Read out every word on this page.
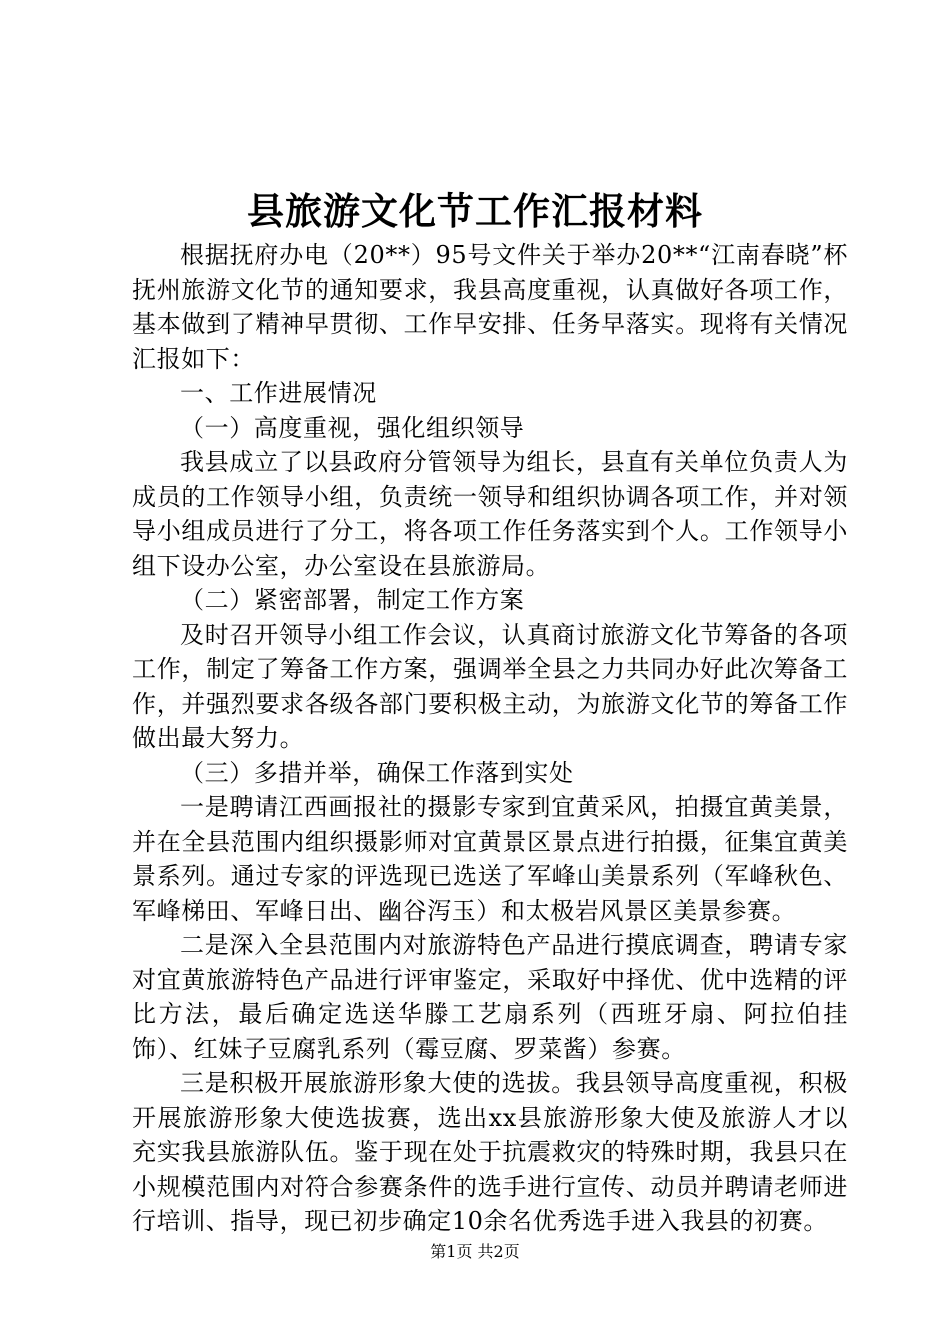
县旅游文化节工作汇报材料

根据抚府办电（20**）95号文件关于举办20**“江南春晓”杯抚州旅游文化节的通知要求，我县高度重视，认真做好各项工作，基本做到了精神早贯彻、工作早安排、任务早落实。现将有关情况汇报如下：

一、工作进展情况

（一）高度重视，强化组织领导

我县成立了以县政府分管领导为组长，县直有关单位负责人为成员的工作领导小组，负责统一领导和组织协调各项工作，并对领导小组成员进行了分工，将各项工作任务落实到个人。工作领导小组下设办公室，办公室设在县旅游局。

（二）紧密部署，制定工作方案

及时召开领导小组工作会议，认真商讨旅游文化节筹备的各项工作，制定了筹备工作方案，强调举全县之力共同办好此次筹备工作，并强烈要求各级各部门要积极主动，为旅游文化节的筹备工作做出最大努力。

（三）多措并举，确保工作落到实处

一是聘请江西画报社的摄影专家到宜黄采风，拍摄宜黄美景，并在全县范围内组织摄影师对宜黄景区景点进行拍摄，征集宜黄美景系列。通过专家的评选现已选送了军峰山美景系列（军峰秋色、军峰梯田、军峰日出、幽谷泻玉）和太极岩风景区美景参赛。

二是深入全县范围内对旅游特色产品进行摸底调查，聘请专家对宜黄旅游特色产品进行评审鉴定，采取好中择优、优中选精的评比方法，最后确定选送华滕工艺扇系列（西班牙扇、阿拉伯挂饰）、红妹子豆腐乳系列（霉豆腐、罗菜酱）参赛。

三是积极开展旅游形象大使的选拔。我县领导高度重视，积极开展旅游形象大使选拔赛，选出xx县旅游形象大使及旅游人才以充实我县旅游队伍。鉴于现在处于抗震救灾的特殊时期，我县只在小规模范围内对符合参赛条件的选手进行宣传、动员并聘请老师进行培训、指导，现已初步确定10余名优秀选手进入我县的初赛。

第1页 共2页
